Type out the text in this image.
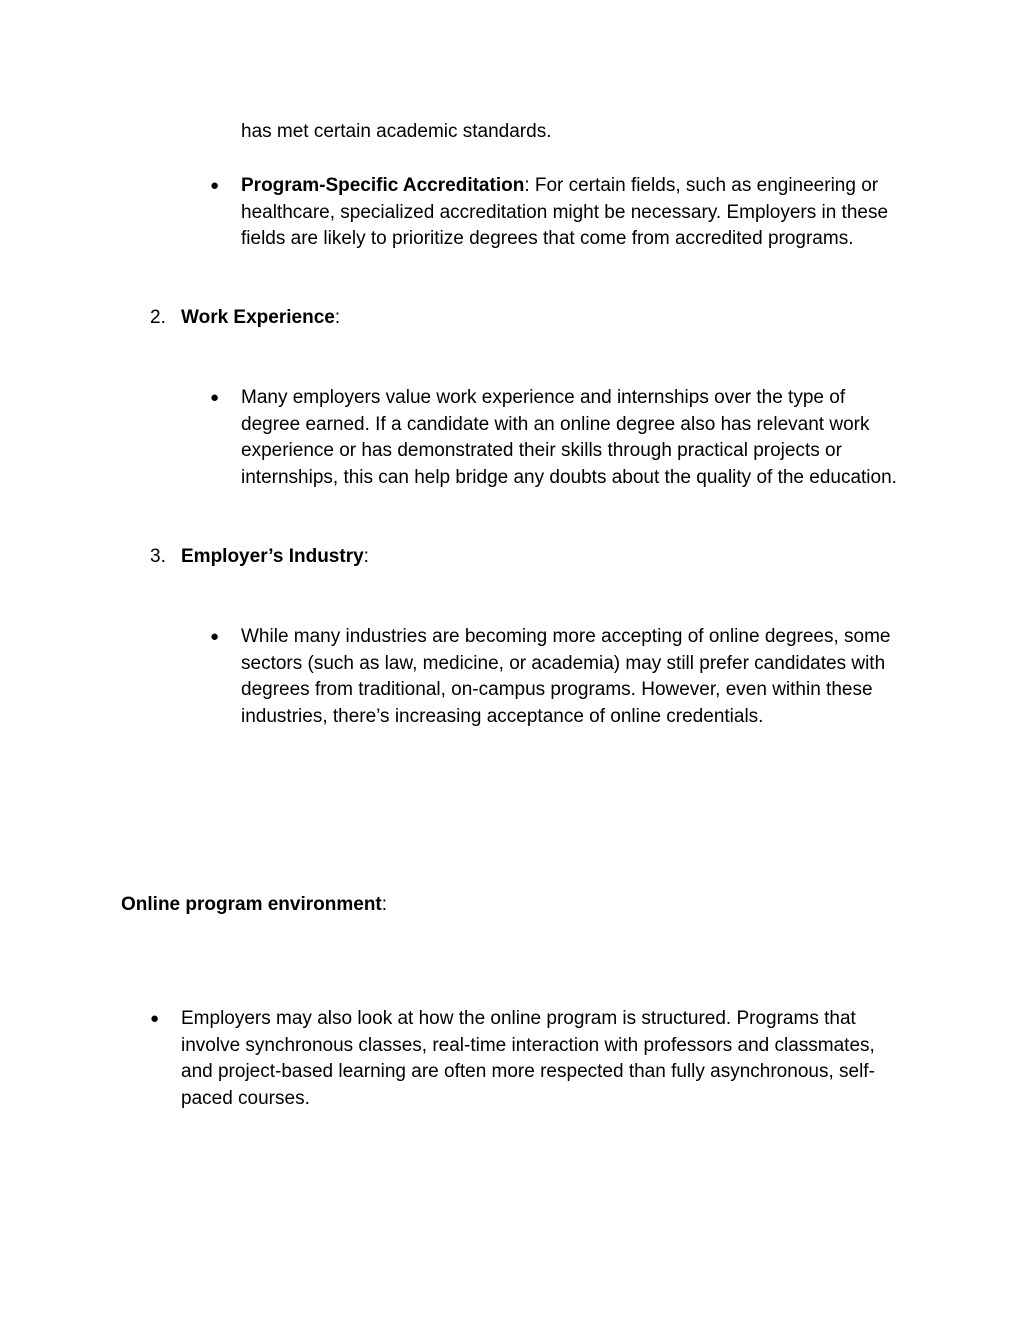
has met certain academic standards.
● Program-Specific Accreditation: For certain fields, such as engineering or healthcare, specialized accreditation might be necessary. Employers in these fields are likely to prioritize degrees that come from accredited programs.
2. Work Experience:
● Many employers value work experience and internships over the type of degree earned. If a candidate with an online degree also has relevant work experience or has demonstrated their skills through practical projects or internships, this can help bridge any doubts about the quality of the education.
3. Employer’s Industry:
● While many industries are becoming more accepting of online degrees, some sectors (such as law, medicine, or academia) may still prefer candidates with degrees from traditional, on-campus programs. However, even within these industries, there’s increasing acceptance of online credentials.
Online program environment:
● Employers may also look at how the online program is structured. Programs that involve synchronous classes, real-time interaction with professors and classmates, and project-based learning are often more respected than fully asynchronous, self-paced courses.
